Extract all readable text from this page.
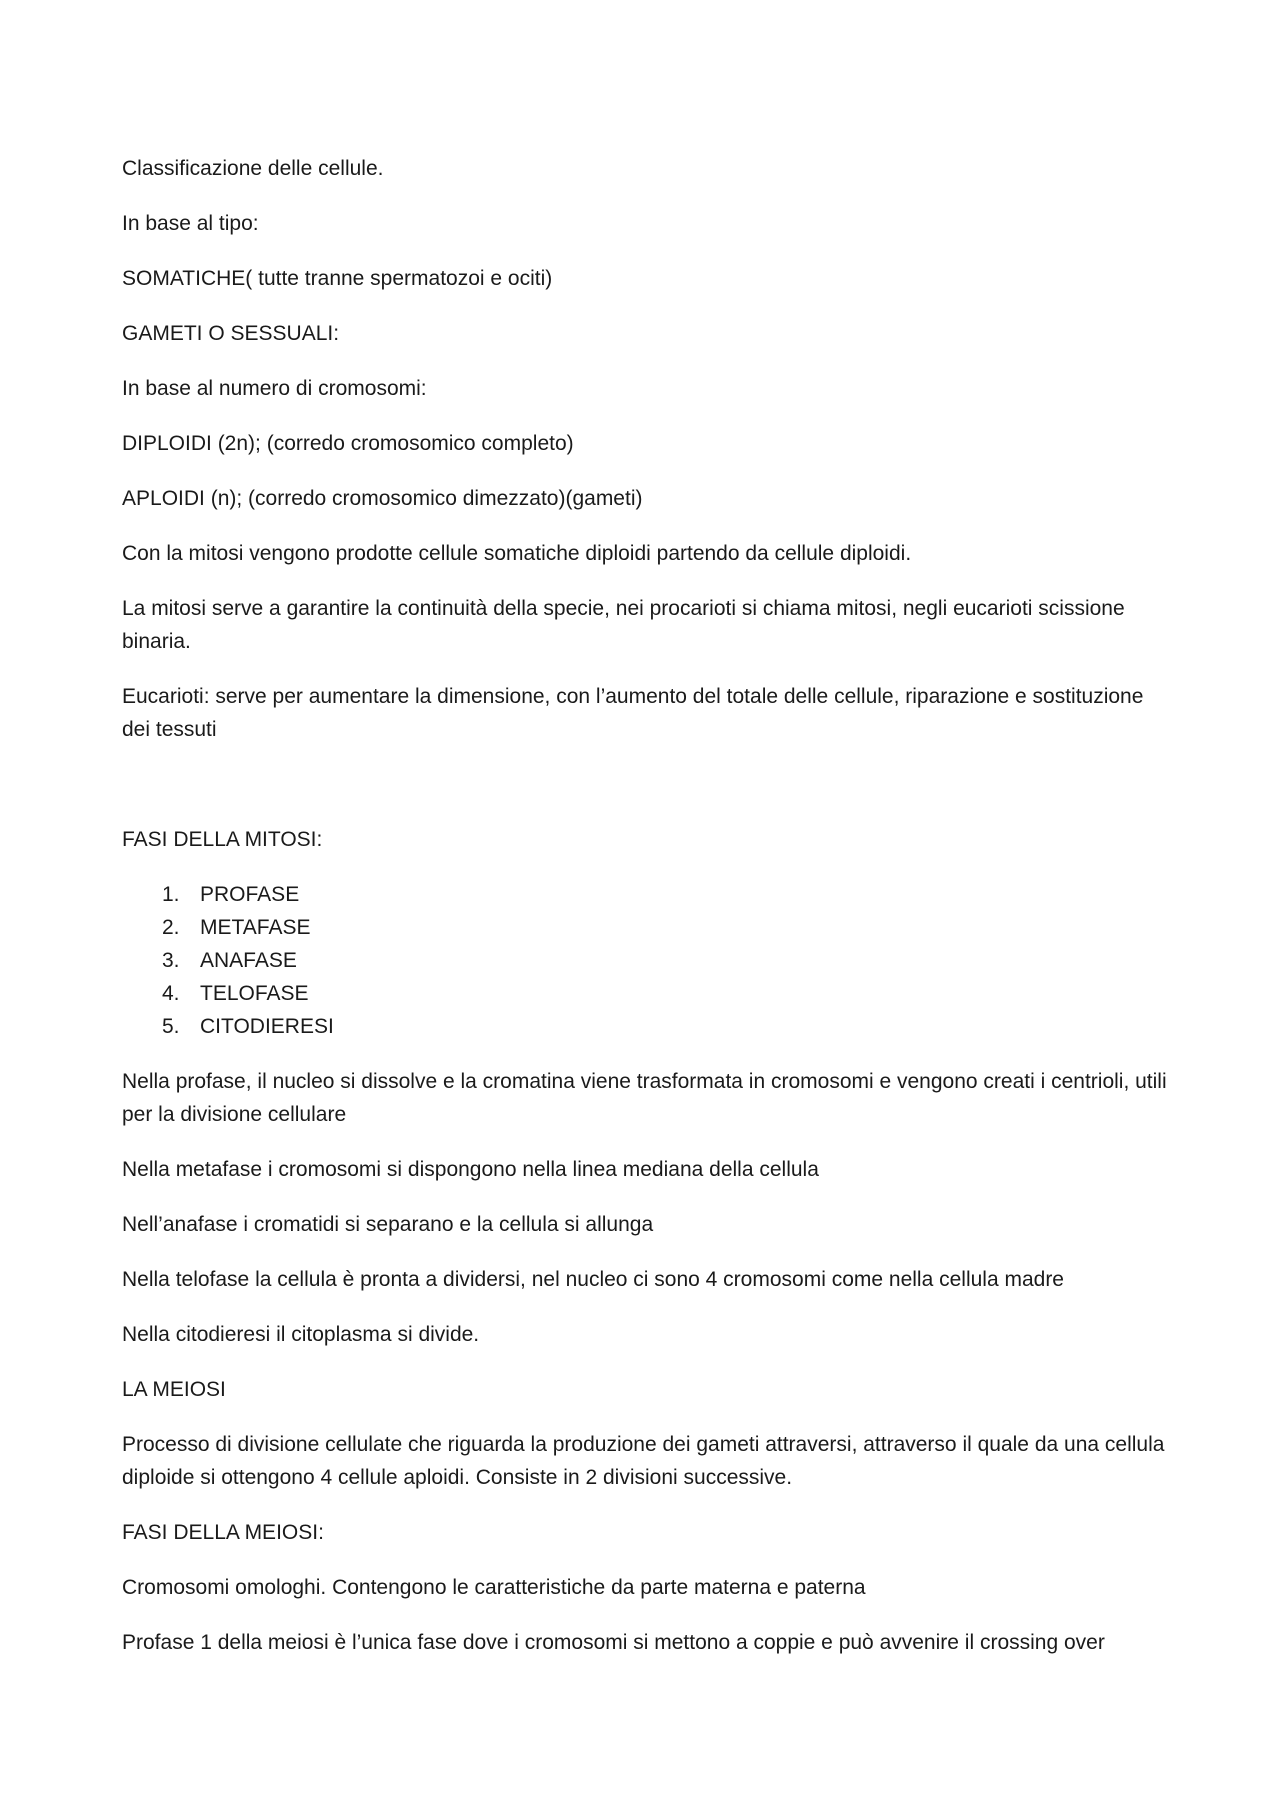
Classificazione delle cellule.

In base al tipo:

SOMATICHE( tutte tranne spermatozoi e ociti)

GAMETI O SESSUALI:

In base al numero di cromosomi:

DIPLOIDI (2n); (corredo cromosomico completo)

APLOIDI (n); (corredo cromosomico dimezzato)(gameti)

Con la mitosi vengono prodotte cellule somatiche diploidi partendo da cellule diploidi.

La mitosi serve a garantire la continuità della specie, nei procarioti si chiama mitosi, negli eucarioti scissione binaria.

Eucarioti: serve per aumentare la dimensione, con l’aumento del totale delle cellule, riparazione e sostituzione dei tessuti

FASI DELLA MITOSI:

1. PROFASE
2. METAFASE
3. ANAFASE
4. TELOFASE
5. CITODIERESI

Nella profase, il nucleo si dissolve e la cromatina viene trasformata in cromosomi e vengono creati i centrioli, utili per la divisione cellulare

Nella metafase i cromosomi si dispongono nella linea mediana della cellula

Nell’anafase i cromatidi si separano e la cellula si allunga

Nella telofase la cellula è pronta a dividersi, nel nucleo ci sono 4 cromosomi come nella cellula madre

Nella citodieresi il citoplasma si divide.

LA MEIOSI

Processo di divisione cellulate che riguarda la produzione dei gameti attraversi, attraverso il quale da una cellula diploide si ottengono 4 cellule aploidi. Consiste in 2 divisioni successive.

FASI DELLA MEIOSI:

Cromosomi omologhi. Contengono le caratteristiche da parte materna e paterna

Profase 1 della meiosi è l’unica fase dove i cromosomi si mettono a coppie e può avvenire il crossing over
